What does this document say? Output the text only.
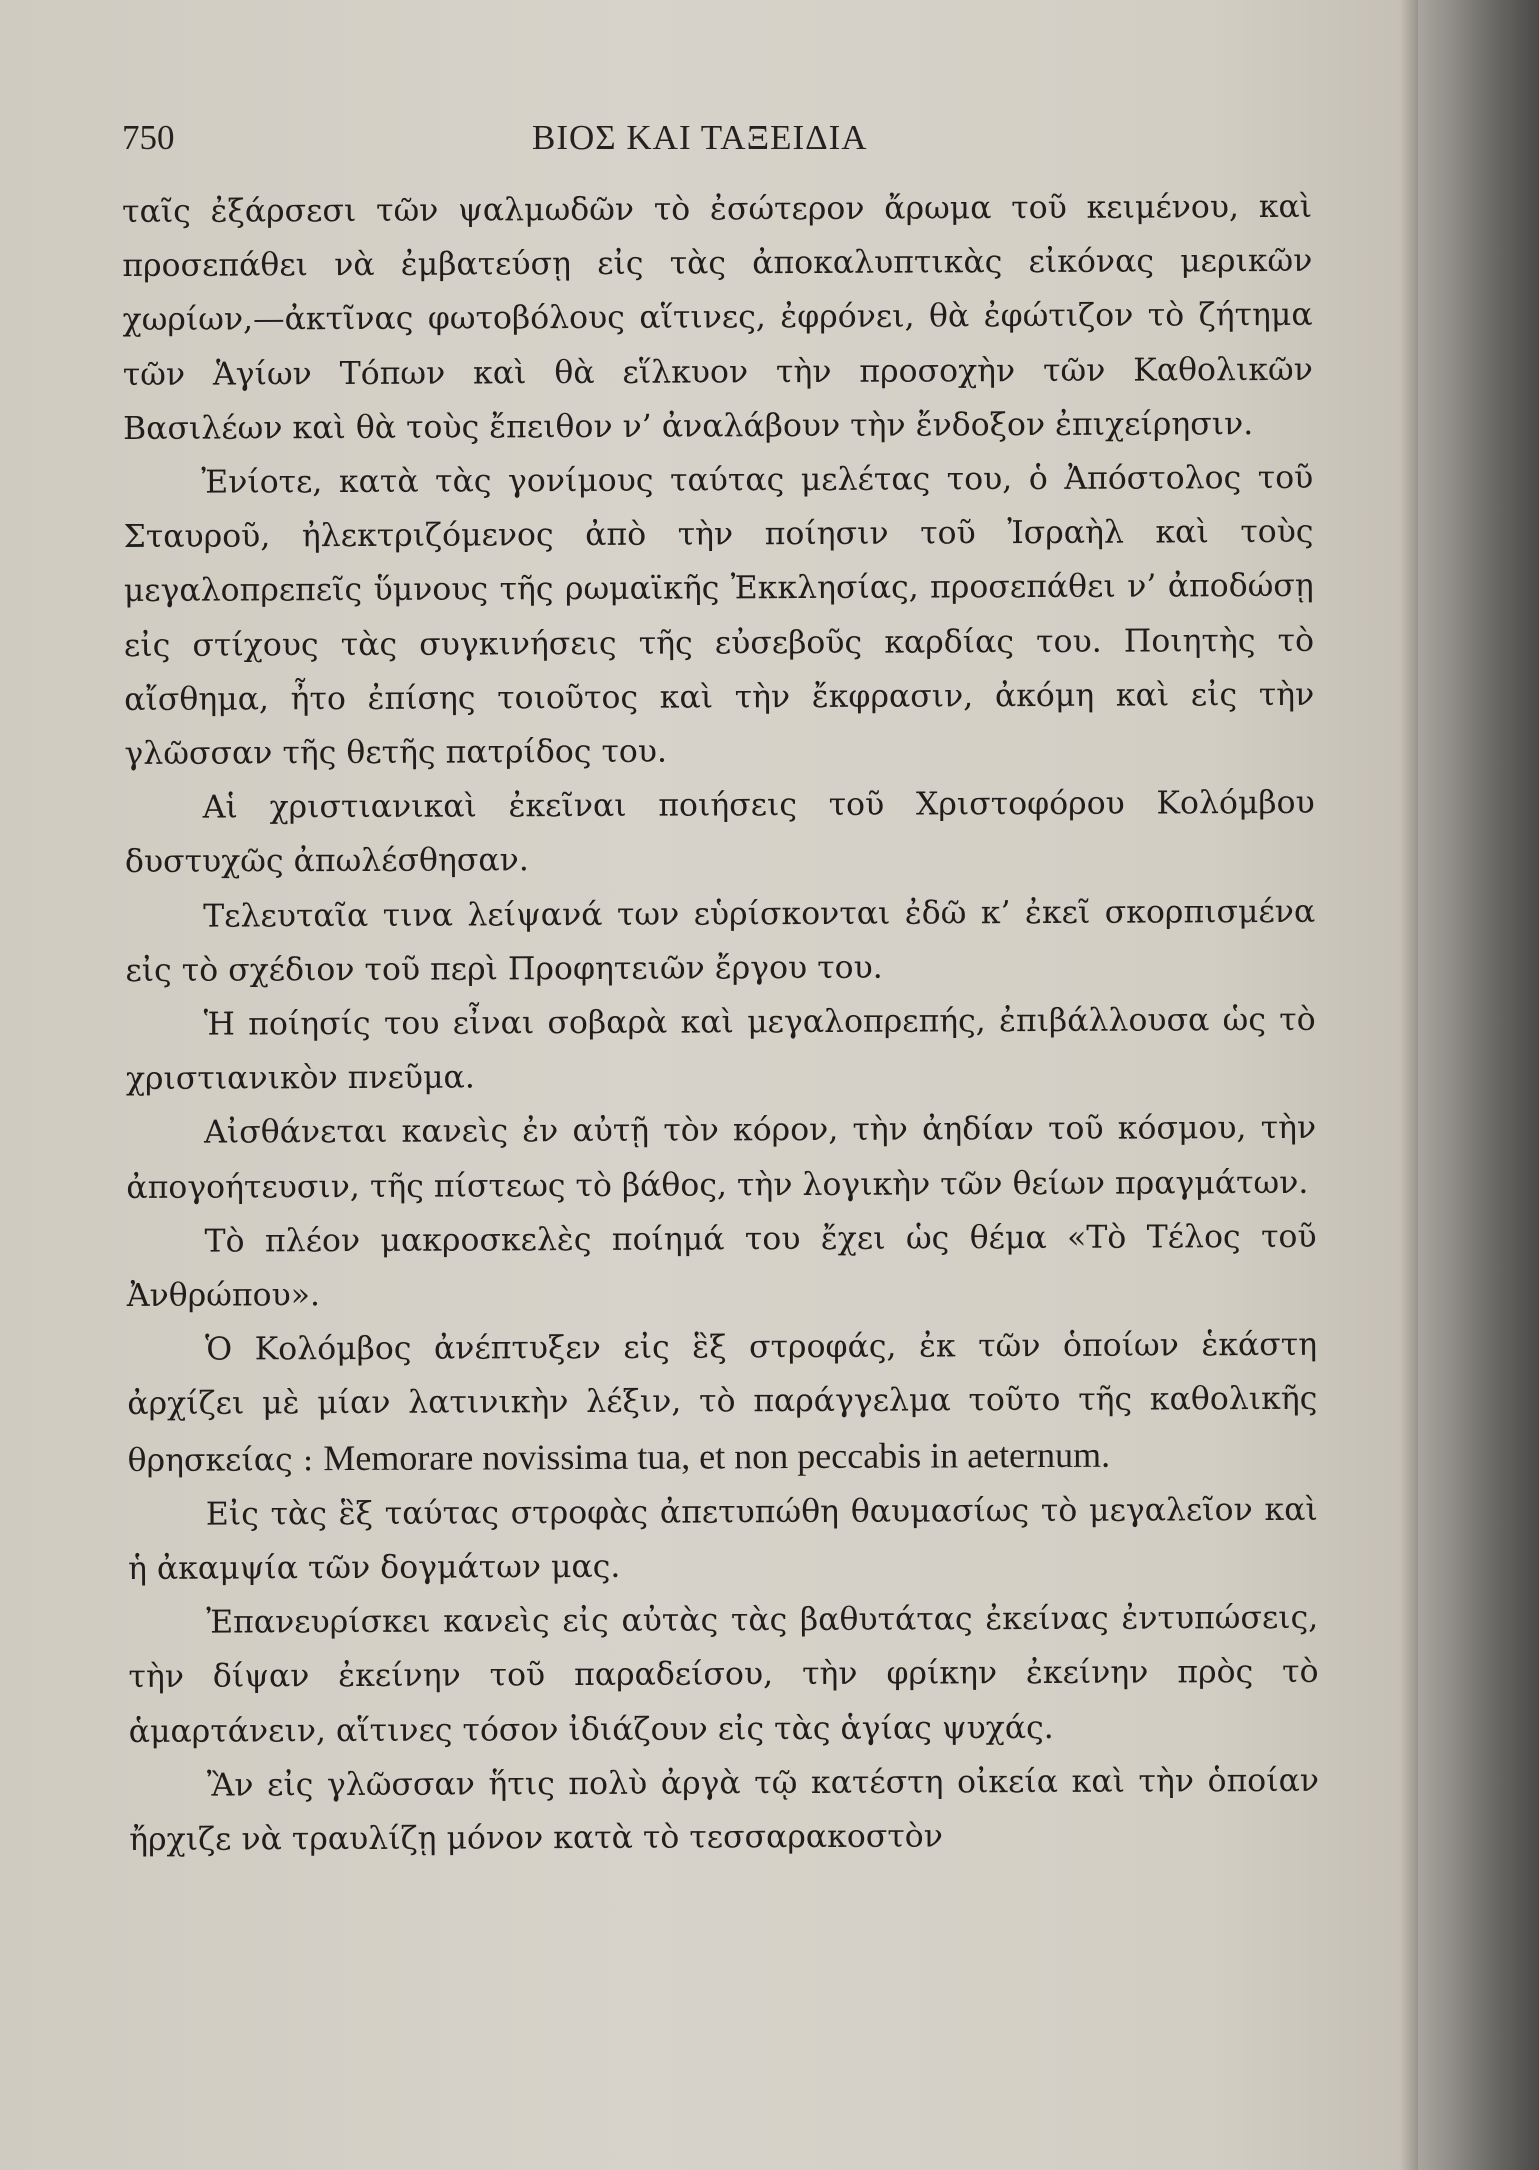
750	ΒΙΟΣ ΚΑΙ ΤΑΞΕΙΔΙΑ

ταῖς ἐξάρσεσι τῶν ψαλμωδῶν τὸ ἐσώτερον ἄρωμα τοῦ κειμένου, καὶ προσεπάθει νὰ ἐμβατεύσῃ εἰς τὰς ἀποκαλυπτικὰς εἰκόνας μερικῶν χωρίων,—ἀκτῖνας φωτοβόλους αἵτινες, ἐφρόνει, θὰ ἐφώτιζον τὸ ζήτημα τῶν Ἁγίων Τόπων καὶ θὰ εἵλκυον τὴν προσοχὴν τῶν Καθολικῶν Βασιλέων καὶ θὰ τοὺς ἔπειθον ν’ ἀναλάβουν τὴν ἔνδοξον ἐπιχείρησιν.

Ἐνίοτε, κατὰ τὰς γονίμους ταύτας μελέτας του, ὁ Ἀπόστολος τοῦ Σταυροῦ, ἠλεκτριζόμενος ἀπὸ τὴν ποίησιν τοῦ Ἰσραὴλ καὶ τοὺς μεγαλοπρεπεῖς ὕμνους τῆς ρωμαϊκῆς Ἐκκλησίας, προσεπάθει ν’ ἀποδώσῃ εἰς στίχους τὰς συγκινήσεις τῆς εὐσεβοῦς καρδίας του. Ποιητὴς τὸ αἴσθημα, ἦτο ἐπίσης τοιοῦτος καὶ τὴν ἔκφρασιν, ἀκόμη καὶ εἰς τὴν γλῶσσαν τῆς θετῆς πατρίδος του.

Αἱ χριστιανικαὶ ἐκεῖναι ποιήσεις τοῦ Χριστοφόρου Κολόμβου δυστυχῶς ἀπωλέσθησαν.

Τελευταῖα τινα λείψανά των εὑρίσκονται ἐδῶ κ’ ἐκεῖ σκορπισμένα εἰς τὸ σχέδιον τοῦ περὶ Προφητειῶν ἔργου του.

Ἡ ποίησίς του εἶναι σοβαρὰ καὶ μεγαλοπρεπής, ἐπιβάλλουσα ὡς τὸ χριστιανικὸν πνεῦμα.

Αἰσθάνεται κανεὶς ἐν αὐτῇ τὸν κόρον, τὴν ἀηδίαν τοῦ κόσμου, τὴν ἀπογοήτευσιν, τῆς πίστεως τὸ βάθος, τὴν λογικὴν τῶν θείων πραγμάτων.

Τὸ πλέον μακροσκελὲς ποίημά του ἔχει ὡς θέμα «Τὸ Τέλος τοῦ Ἀνθρώπου».

Ὁ Κολόμβος ἀνέπτυξεν εἰς ἓξ στροφάς, ἐκ τῶν ὁποίων ἑκάστη ἀρχίζει μὲ μίαν λατινικὴν λέξιν, τὸ παράγγελμα τοῦτο τῆς καθολικῆς θρησκείας : Memorare novissima tua, et non peccabis in aeternum.

Εἰς τὰς ἓξ ταύτας στροφὰς ἀπετυπώθη θαυμασίως τὸ μεγαλεῖον καὶ ἡ ἀκαμψία τῶν δογμάτων μας.

Ἐπανευρίσκει κανεὶς εἰς αὐτὰς τὰς βαθυτάτας ἐκείνας ἐντυπώσεις, τὴν δίψαν ἐκείνην τοῦ παραδείσου, τὴν φρίκην ἐκείνην πρὸς τὸ ἁμαρτάνειν, αἵτινες τόσον ἰδιάζουν εἰς τὰς ἁγίας ψυχάς.

Ἂν εἰς γλῶσσαν ἥτις πολὺ ἀργὰ τῷ κατέστη οἰκεία καὶ τὴν ὁποίαν ἤρχιζε νὰ τραυλίζῃ μόνον κατὰ τὸ τεσσαρακοστὸν
